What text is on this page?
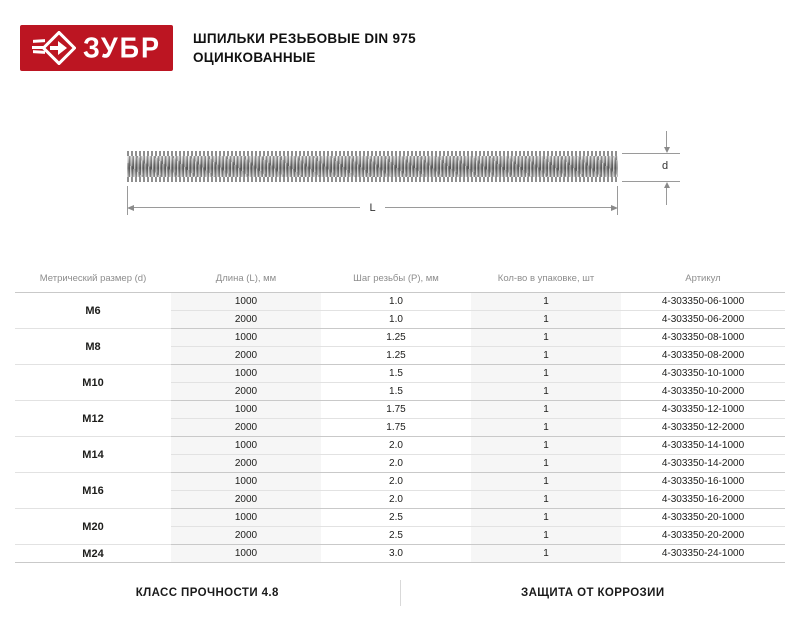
ЗУБР ШПИЛЬКИ РЕЗЬБОВЫЕ DIN 975
ОЦИНКОВАННЫЕ
d
L
Метрический размер (d)	Длина (L), мм	Шаг резьбы (P), мм	Кол-во в упаковке, шт	Артикул
M6	1000	1.0	1	4-303350-06-1000
	2000	1.0	1	4-303350-06-2000
M8	1000	1.25	1	4-303350-08-1000
	2000	1.25	1	4-303350-08-2000
M10	1000	1.5	1	4-303350-10-1000
	2000	1.5	1	4-303350-10-2000
M12	1000	1.75	1	4-303350-12-1000
	2000	1.75	1	4-303350-12-2000
M14	1000	2.0	1	4-303350-14-1000
	2000	2.0	1	4-303350-14-2000
M16	1000	2.0	1	4-303350-16-1000
	2000	2.0	1	4-303350-16-2000
M20	1000	2.5	1	4-303350-20-1000
	2000	2.5	1	4-303350-20-2000
M24	1000	3.0	1	4-303350-24-1000
КЛАСС ПРОЧНОСТИ 4.8	ЗАЩИТА ОТ КОРРОЗИИ
